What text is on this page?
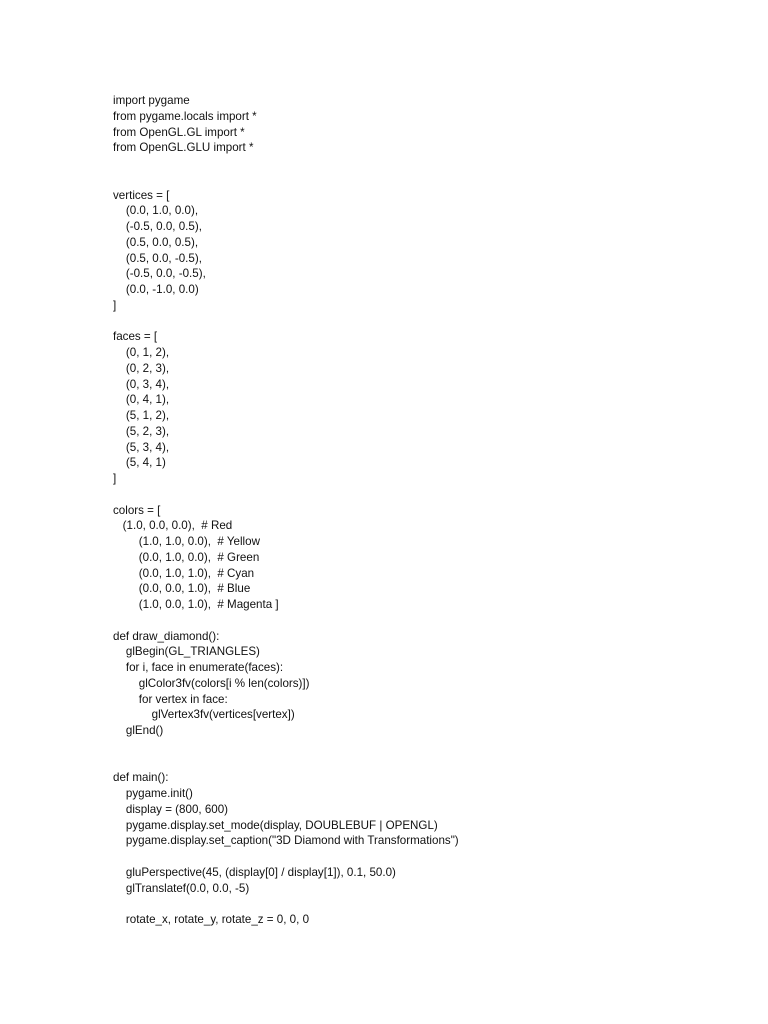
import pygame
from pygame.locals import *
from OpenGL.GL import *
from OpenGL.GLU import *
vertices = [
(0.0, 1.0, 0.0),
(-0.5, 0.0, 0.5),
(0.5, 0.0, 0.5),
(0.5, 0.0, -0.5),
(-0.5, 0.0, -0.5),
(0.0, -1.0, 0.0)
]
faces = [
(0, 1, 2),
(0, 2, 3),
(0, 3, 4),
(0, 4, 1),
(5, 1, 2),
(5, 2, 3),
(5, 3, 4),
(5, 4, 1)
]
colors = [
(1.0, 0.0, 0.0),  # Red
(1.0, 1.0, 0.0),  # Yellow
(0.0, 1.0, 0.0),  # Green
(0.0, 1.0, 1.0),  # Cyan
(0.0, 0.0, 1.0),  # Blue
(1.0, 0.0, 1.0),  # Magenta ]
def draw_diamond():
glBegin(GL_TRIANGLES)
for i, face in enumerate(faces):
glColor3fv(colors[i % len(colors)])
for vertex in face:
glVertex3fv(vertices[vertex])
glEnd()
def main():
pygame.init()
display = (800, 600)
pygame.display.set_mode(display, DOUBLEBUF | OPENGL)
pygame.display.set_caption("3D Diamond with Transformations")
gluPerspective(45, (display[0] / display[1]), 0.1, 50.0)
glTranslatef(0.0, 0.0, -5)
rotate_x, rotate_y, rotate_z = 0, 0, 0
